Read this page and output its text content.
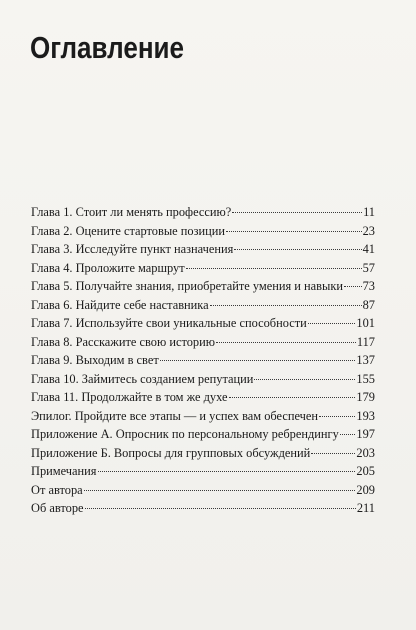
Оглавление
Глава 1. Стоит ли менять профессию?	11
Глава 2. Оцените стартовые позиции	23
Глава 3. Исследуйте пункт назначения	41
Глава 4. Проложите маршрут	57
Глава 5. Получайте знания, приобретайте умения и навыки 73
Глава 6. Найдите себе наставника	87
Глава 7. Используйте свои уникальные способности	101
Глава 8. Расскажите свою историю	117
Глава 9. Выходим в свет	137
Глава 10. Займитесь созданием репутации	155
Глава 11. Продолжайте в том же духе	179
Эпилог. Пройдите все этапы — и успех вам обеспечен	193
Приложение А. Опросник по персональному ребрендингу 197
Приложение Б. Вопросы для групповых обсуждений	203
Примечания	205
От автора	209
Об авторе	211
